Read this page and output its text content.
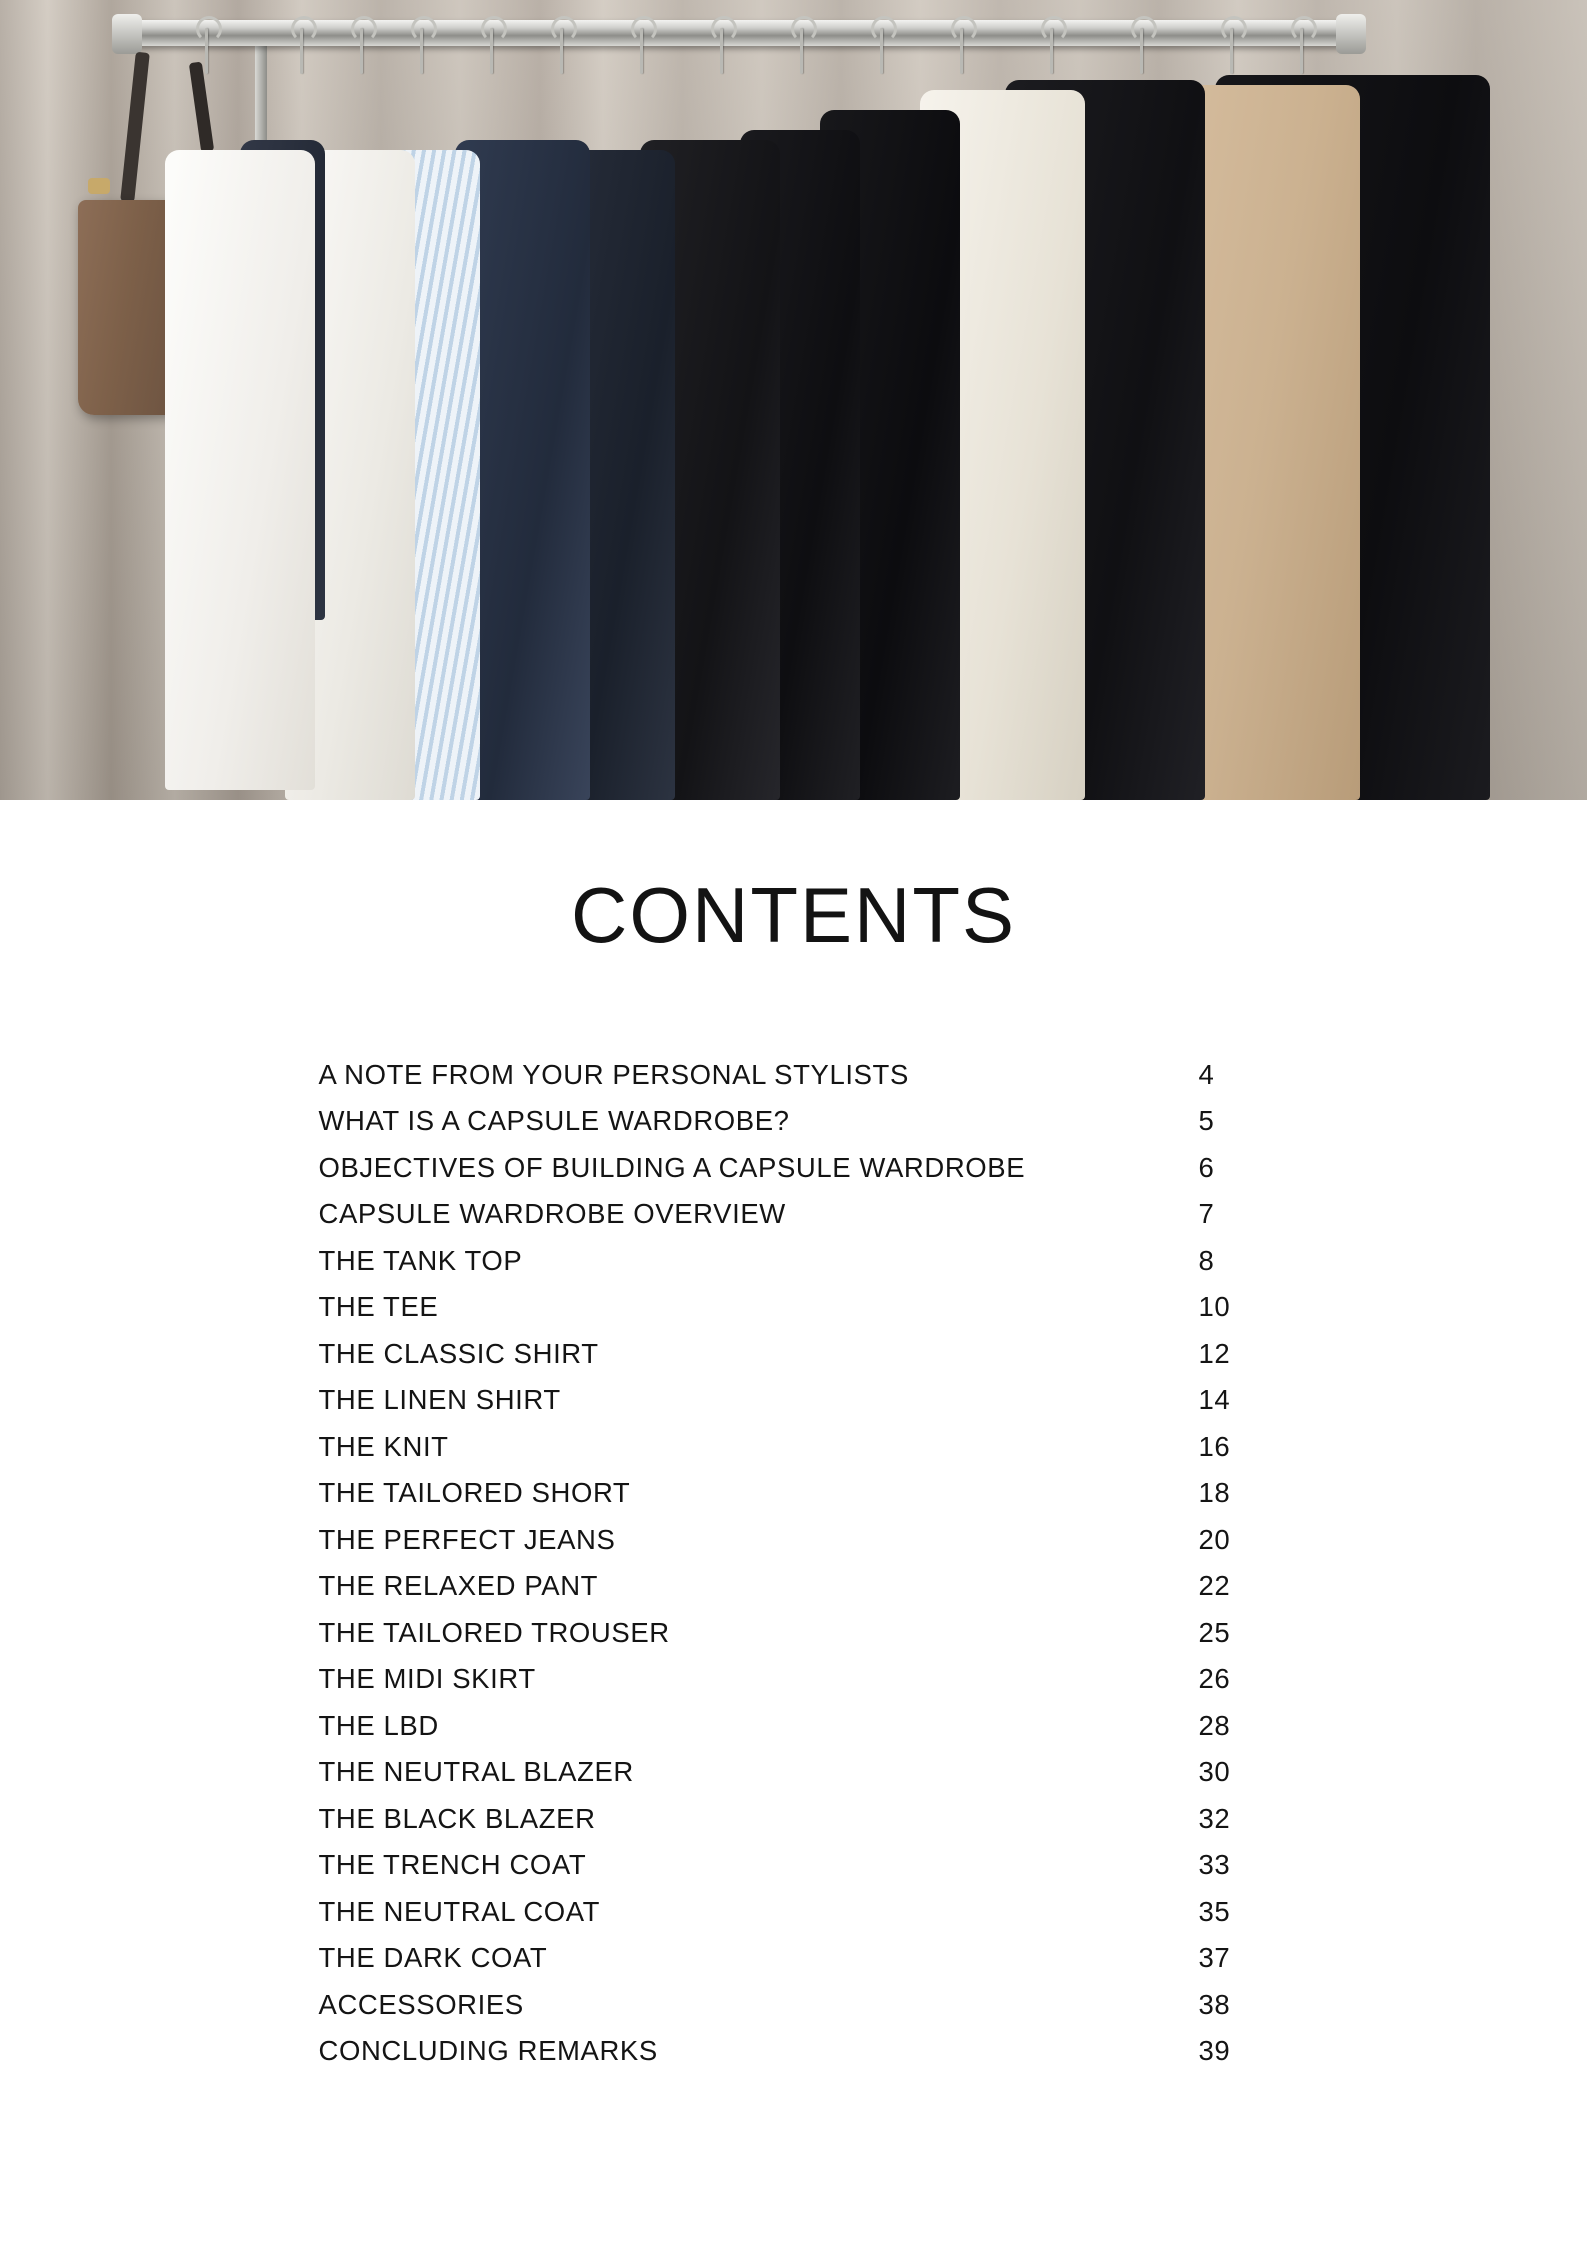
CONTENTS
A NOTE FROM YOUR PERSONAL STYLISTS	4
WHAT IS A CAPSULE WARDROBE?	5
OBJECTIVES OF BUILDING A CAPSULE WARDROBE	6
CAPSULE WARDROBE OVERVIEW	7
THE TANK TOP	8
THE TEE	10
THE CLASSIC SHIRT	12
THE LINEN SHIRT	14
THE KNIT	16
THE TAILORED SHORT	18
THE PERFECT JEANS	20
THE RELAXED PANT	22
THE TAILORED TROUSER	25
THE MIDI SKIRT	26
THE LBD	28
THE NEUTRAL BLAZER	30
THE BLACK BLAZER	32
THE TRENCH COAT	33
THE NEUTRAL COAT	35
THE DARK COAT	37
ACCESSORIES	38
CONCLUDING REMARKS	39
